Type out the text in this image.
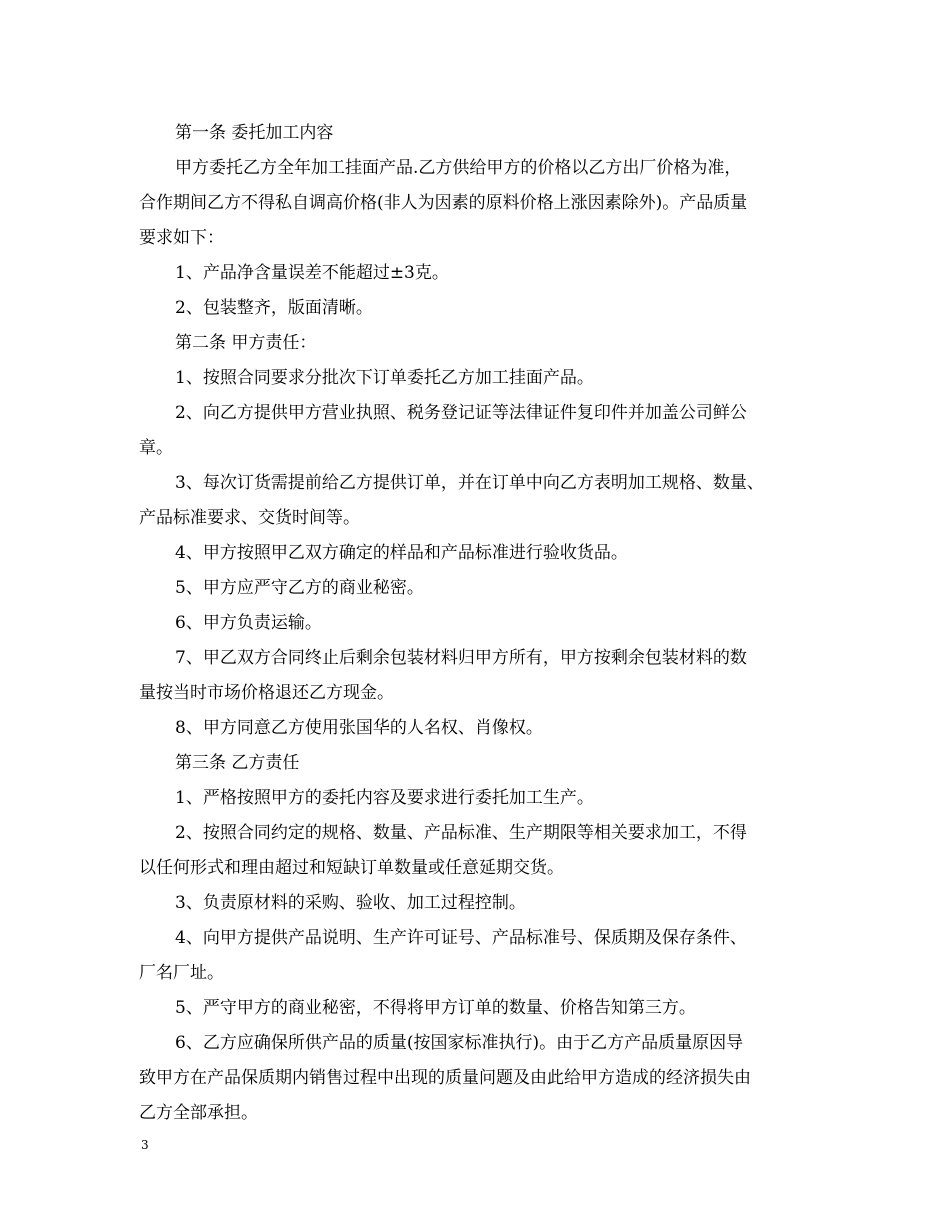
第一条 委托加工内容
甲方委托乙方全年加工挂面产品.乙方供给甲方的价格以乙方出厂价格为准，
合作期间乙方不得私自调高价格(非人为因素的原料价格上涨因素除外)。产品质量
要求如下：
1、产品净含量误差不能超过±3克。
2、包装整齐，版面清晰。
第二条 甲方责任：
1、按照合同要求分批次下订单委托乙方加工挂面产品。
2、向乙方提供甲方营业执照、税务登记证等法律证件复印件并加盖公司鲜公
章。
3、每次订货需提前给乙方提供订单，并在订单中向乙方表明加工规格、数量、
产品标准要求、交货时间等。
4、甲方按照甲乙双方确定的样品和产品标准进行验收货品。
5、甲方应严守乙方的商业秘密。
6、甲方负责运输。
7、甲乙双方合同终止后剩余包装材料归甲方所有，甲方按剩余包装材料的数
量按当时市场价格退还乙方现金。
8、甲方同意乙方使用张国华的人名权、肖像权。
第三条 乙方责任
1、严格按照甲方的委托内容及要求进行委托加工生产。
2、按照合同约定的规格、数量、产品标准、生产期限等相关要求加工，不得
以任何形式和理由超过和短缺订单数量或任意延期交货。
3、负责原材料的采购、验收、加工过程控制。
4、向甲方提供产品说明、生产许可证号、产品标准号、保质期及保存条件、
厂名厂址。
5、严守甲方的商业秘密，不得将甲方订单的数量、价格告知第三方。
6、乙方应确保所供产品的质量(按国家标准执行)。由于乙方产品质量原因导
致甲方在产品保质期内销售过程中出现的质量问题及由此给甲方造成的经济损失由
乙方全部承担。
3
